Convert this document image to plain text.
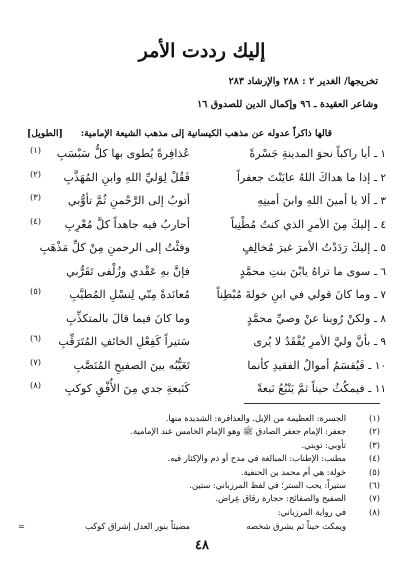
إليك رددت الأمر
تخريجها/ الغدير ٢ : ٢٨٨ والإرشاد ٢٨٣
وشاعر العقيدة ـ ٩٦ وإكمال الدين للصدوق ١٦
قالها ذاكراً عدوله عن مذهب الكيسانية إلى مذهب الشيعة الإمامية:
[الطويل]
١ ـ أيا راكباً نحوَ المدينةِ جَسْرةً
عُذافِرةً يُطوى بها كلُّ سَبْسَبِ
(١)
٢ ـ إذا ما هداكَ اللهُ عايَنْتَ جعفراً
فَقُلْ لِوَليِّ اللهِ وابنِ المُهَذَّبِ
(٢)
٣ ـ ألا يا أمينَ اللهِ وابنَ أمينِهِ
أتوبُ إلى الرَّحْمنِ ثُمَّ تأوُّبي
(٣)
٤ ـ إليكَ مِنَ الأمرِ الذي كنتُ مُطْنِباً
أحاربُ فيه جاهداً كلَّ مُعْرِبِ
(٤)
٥ ـ إليكَ رَدَدْتُ الأمرَ غيرَ مُخالِفٍ
وفئْتُ إلى الرحمنِ مِنْ كلِّ مَذْهَبِ
٦ ـ سوى ما تراهُ يابْنَ بنتِ محمَّدٍ
فإنَّ بهِ عَقْدي وزُلْفى تَقَرُّبي
٧ ـ وما كانَ قولي في ابنِ خولةَ مُبْطِناً
مُعانَدةً مِنّي لِنسْلِ المُطيَّبِ
(٥)
٨ ـ ولكنْ رُوينا عنْ وصيِّ محمَّدٍ
وما كانَ فيما قالَ بالمتكذِّبِ
٩ ـ بأنَّ وليَّ الأمرِ يُفْقَدُ لا يُرى
سَتيراً كَفِعْلِ الخائفِ المُتَرَقِّبِ
(٦)
١٠ ـ فَيُقسَمُ أموالُ الفقيدِ كأنما
تَغَيُّبُه بينَ الصفيحِ المُنَصَّبِ
(٧)
١١ ـ فيمكُثُ حيناً ثمَّ يَنْبُعُ نَبعةً
كَنَبعةِ جدي مِنَ الأُفْقِ كوكبِ
(٨)
(١)
الجسرة: العظيمة من الإبل. والعذافرة: الشديدة منها.
(٢)
جعفر: الإمام جعفر الصادق ﷺ وهو الإمام الخامس عند الإمامية.
(٣)
تأوبي: توبتي.
(٤)
مطنب: الإطناب: المبالغة في مدح أو ذم والإكثار فيه.
(٥)
خولة: هي أم محمد بن الحنفية.
(٦)
ستيراً: يحب الستر؛ في لفظ المرزباني: ستين.
(٧)
الصفيح والصفائح: حجارة رقاق عِراض.
(٨)
في رواية المرزباني:
ويمكث حيناً ثم يشرق شخصه
مضيئاً بنور العدل إشراق كوكب
=
٤٨
